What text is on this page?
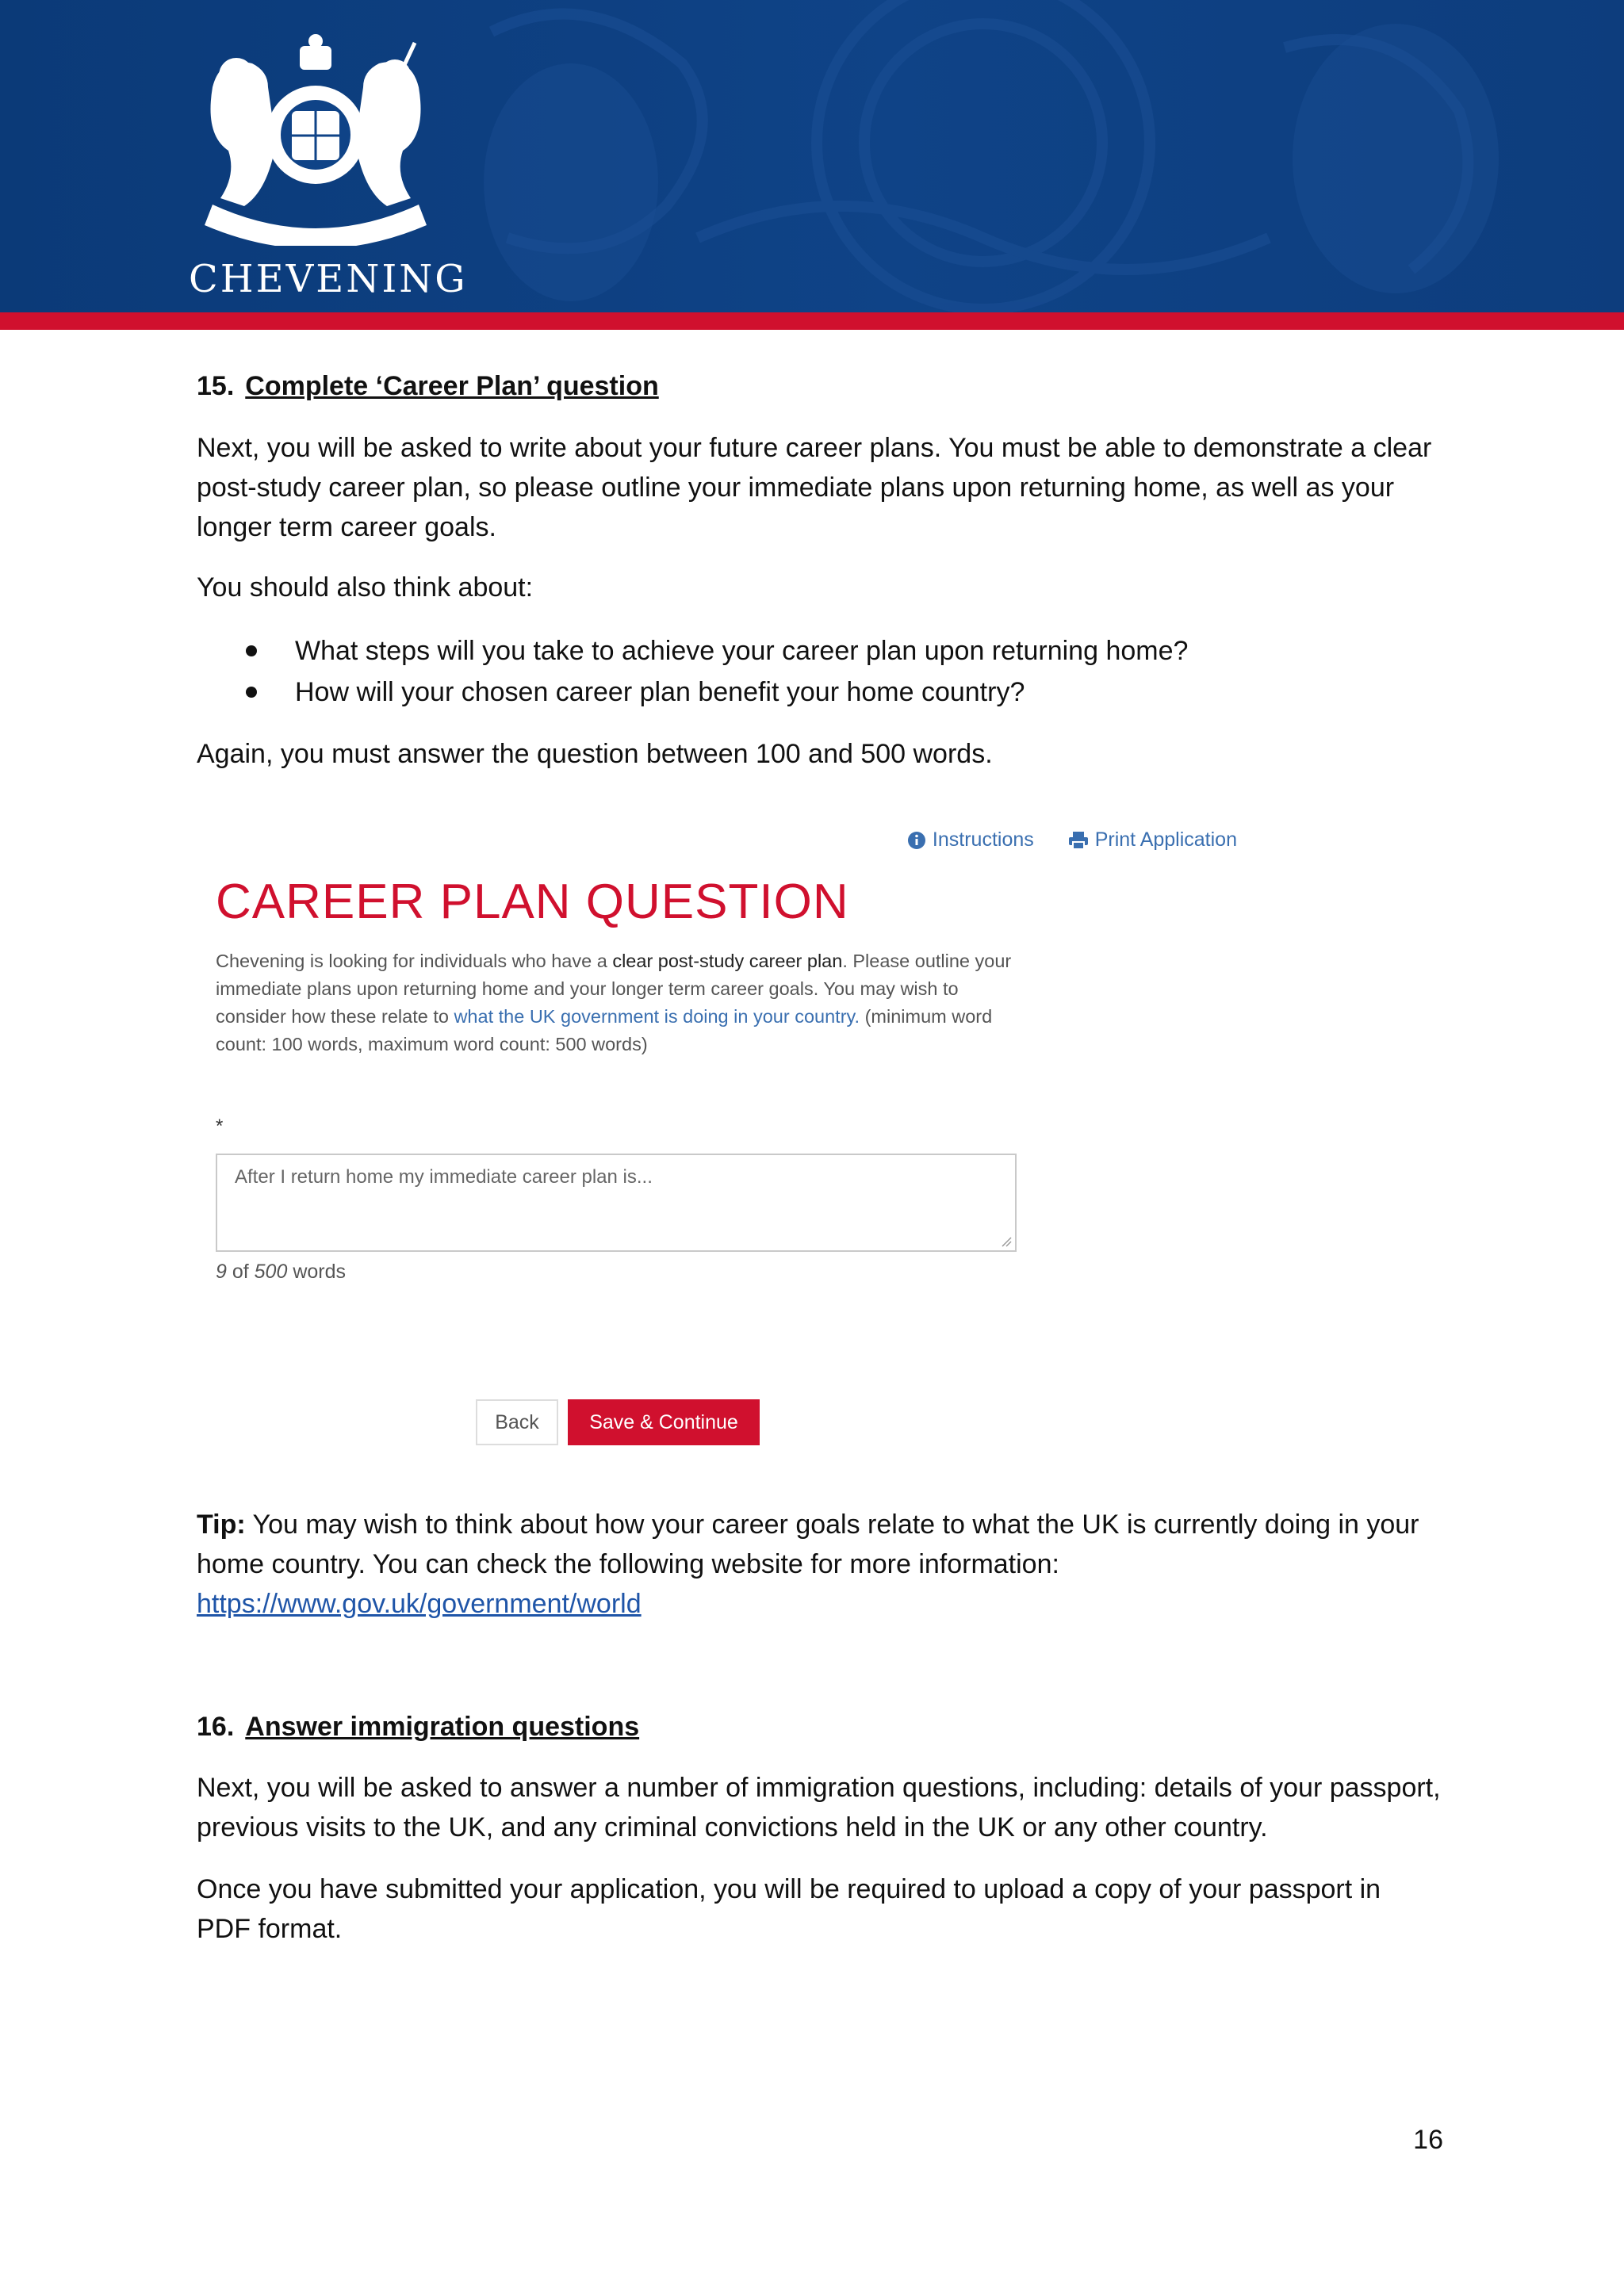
CHEVENING
15. Complete ‘Career Plan’ question

Next, you will be asked to write about your future career plans. You must be able to demonstrate a clear post-study career plan, so please outline your immediate plans upon returning home, as well as your longer term career goals.

You should also think about:

What steps will you take to achieve your career plan upon returning home?
How will your chosen career plan benefit your home country?

Again, you must answer the question between 100 and 500 words.

Instructions
	Print Application
CAREER PLAN QUESTION
Chevening is looking for individuals who have a clear post-study career plan. Please outline your immediate plans upon returning home and your longer term career goals. You may wish to consider how these relate to what the UK government is doing in your country. (minimum word count: 100 words, maximum word count: 500 words)
*
After I return home my immediate career plan is...
9 of 500 words
Back	Save & Continue

Tip: You may wish to think about how your career goals relate to what the UK is currently doing in your home country. You can check the following website for more information:
https://www.gov.uk/government/world

16. Answer immigration questions

Next, you will be asked to answer a number of immigration questions, including: details of your passport, previous visits to the UK, and any criminal convictions held in the UK or any other country.

Once you have submitted your application, you will be required to upload a copy of your passport in PDF format.

16
